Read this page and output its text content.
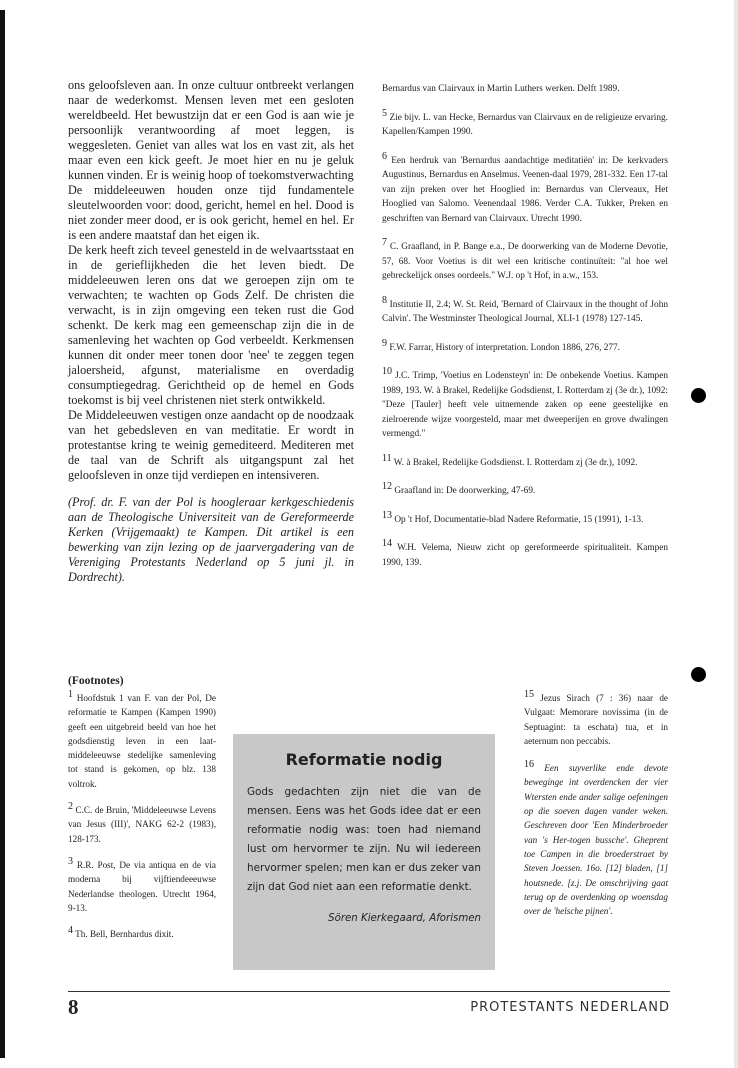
ons geloofsleven aan. In onze cultuur ontbreekt verlangen naar de wederkomst. Mensen leven met een gesloten wereldbeeld. Het bewustzijn dat er een God is aan wie je persoonlijk verantwoording af moet leggen, is weggesleten. Geniet van alles wat los en vast zit, als het maar even een kick geeft. Je moet hier en nu je geluk kunnen vinden. Er is weinig hoop of toekomstverwachting

De middeleeuwen houden onze tijd fundamentele sleutelwoorden voor: dood, gericht, hemel en hel. Dood is niet zonder meer dood, er is ook gericht, hemel en hel. Er is een andere maatstaf dan het eigen ik.

De kerk heeft zich teveel genesteld in de welvaartsstaat en in de gerieflijkheden die het leven biedt. De middeleeuwen leren ons dat we geroepen zijn om te verwachten; te wachten op Gods Zelf. De christen die verwacht, is in zijn omgeving een teken rust die God schenkt. De kerk mag een gemeenschap zijn die in de samenleving het wachten op God verbeeldt. Kerkmensen kunnen dit onder meer tonen door 'nee' te zeggen tegen jaloersheid, afgunst, materialisme en overdadig consumptiegedrag. Gerichtheid op de hemel en Gods toekomst is bij veel christenen niet sterk ontwikkeld.

De Middeleeuwen vestigen onze aandacht op de noodzaak van het gebedsleven en van meditatie. Er wordt in protestantse kring te weinig gemediteerd. Mediteren met de taal van de Schrift als uitgangspunt zal het geloofsleven in onze tijd verdiepen en intensiveren.

(Prof. dr. F. van der Pol is hoogleraar kerkgeschiedenis aan de Theologische Universiteit van de Gereformeerde Kerken (Vrijgemaakt) te Kampen. Dit artikel is een bewerking van zijn lezing op de jaarvergadering van de Vereniging Protestants Nederland op 5 juni jl. in Dordrecht).

Bernardus van Clairvaux in Martin Luthers werken. Delft 1989.

$^5$ Zie bijv. L. van Hecke, Bernardus van Clairvaux en de religieuze ervaring. Kapellen/Kampen 1990.

$^6$ Een herdruk van 'Bernardus aandachtige meditatiën' in: De kerkvaders Augustinus, Bernardus en Anselmus. Veenen-daal 1979, 281-332. Een 17-tal van zijn preken over het Hooglied in: Bernardus van Clerveaux, Het Hooglied van Salomo. Veenendaal 1986. Verder C.A. Tukker, Preken en geschriften van Bernard van Clairvaux. Utrecht 1990.

$^7$ C. Graafland, in P. Bange e.a., De doorwerking van de Moderne Devotie, 57, 68. Voor Voetius is dit wel een kritische continuïteit: "al hoe wel gebreckelijck onses oordeels." W.J. op 't Hof, in a.w., 153.

$^8$ Institutie II, 2.4; W. St. Reid, 'Bernard of Clairvaux in the thought of John Calvin'. The Westminster Theological Journal, XLI-1 (1978) 127-145.

$^9$ F.W. Farrar, History of interpretation. London 1886, 276, 277.

$^{10}$ J.C. Trimp, 'Voetius en Lodensteyn' in: De onbekende Voetius. Kampen 1989, 193. W. à Brakel, Redelijke Godsdienst, I. Rotterdam zj (3e dr.), 1092: "Deze [Tauler] heeft vele uitnemende zaken op eene geestelijke en zielroerende wijze voorgesteld, maar met dweeperijen en grove dwalingen vermengd."

$^{11}$ W. à Brakel, Redelijke Godsdienst. I. Rotterdam zj (3e dr.), 1092.

$^{12}$ Graafland in: De doorwerking, 47-69.

$^{13}$ Op 't Hof, Documentatie-blad Nadere Reformatie, 15 (1991), 1-13.

$^{14}$ W.H. Velema, Nieuw zicht op gereformeerde spiritualiteit. Kampen 1990, 139.

(Footnotes)

$^1$ Hoofdstuk 1 van F. van der Pol, De reformatie te Kampen (Kampen 1990) geeft een uitgebreid beeld van hoe het godsdienstig leven in een laat-middeleeuwse stedelijke samenleving tot stand is gekomen, op blz. 138 voltrok.

$^2$ C.C. de Bruin, 'Middeleeuwse Levens van Jesus (III)', NAKG 62-2 (1983), 128-173.

$^3$ R.R. Post, De via antiqua en de via moderna bij vijftiendeeeuwse Nederlandse theologen. Utrecht 1964, 9-13.

$^4$ Th. Bell, Bernhardus dixit.

$^{15}$ Jezus Sirach (7 : 36) naar de Vulgaat: Memorare novissima (in de Septuagint: ta eschata) tua, et in aeternum non peccabis.

$^{16}$ Een suyverlike ende devote bewegínge int overdencken der vier Wtersten ende ander salige oefeningen op die soeven dagen vander weken. Geschreven door 'Een Minderbroeder van 's Her-togen bussche'. Gheprent toe Campen in die broederstraet by Steven Joessen. 16o. [12] bladen, [1] houtsnede. [z.j. De omschrijving gaat terug op de overdenking op woensdag over de 'helsche pijnen'.

Reformatie nodig

Gods gedachten zijn niet die van de mensen. Eens was het Gods idee dat er een reformatie nodig was: toen had niemand lust om hervormer te zijn. Nu wil iedereen hervormer spelen; men kan er dus zeker van zijn dat God niet aan een reformatie denkt.

Sören Kierkegaard, Aforismen

8	PROTESTANTS NEDERLAND
